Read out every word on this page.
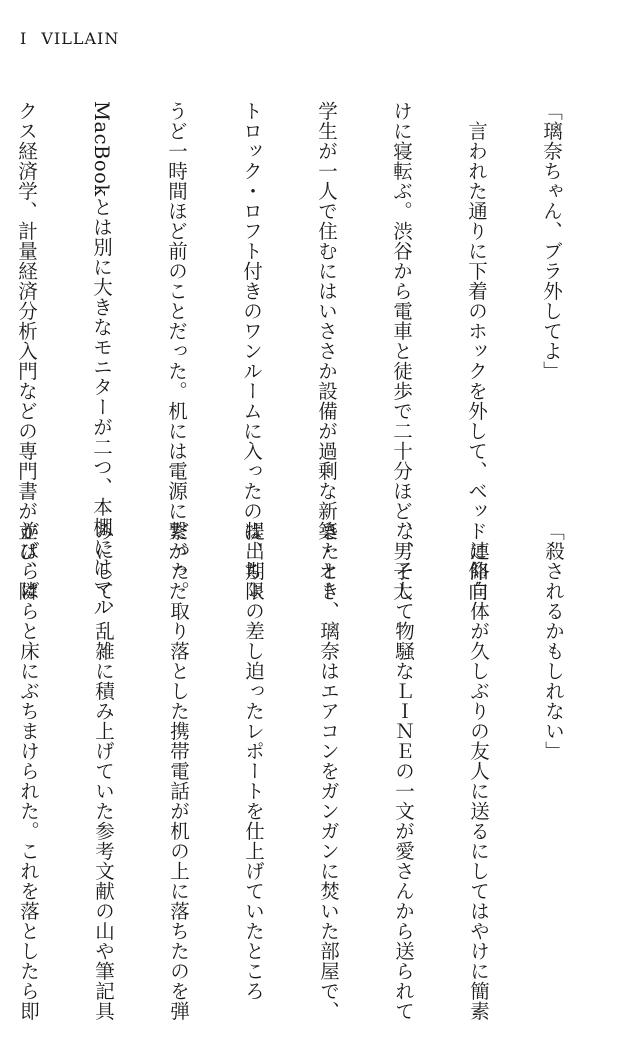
I VILLAIN

「璃奈ちゃん、ブラ外してよ」

　言われた通りに下着のホックを外して、ベッドに仰向

けに寝転ぶ。渋谷から電車と徒歩で二十分ほど、男子大

学生が一人で住むにはいささか設備が過剰な新築・オー

トロック・ロフト付きのワンルームに入ったのは、ちょ

うど一時間ほど前のことだった。机には電源に繋がった

MacBookとは別に大きなモニターが二つ、本棚にはマル

クス経済学、計量経済分析入門などの専門書が並び、隣

「殺されるかもしれない」

　連絡自体が久しぶりの友人に送るにしてはやけに簡素

な、そして物騒なＬＩＮＥの一文が愛さんから送られて

きたとき、璃奈はエアコンをガンガンに焚いた部屋で、

提出期限の差し迫ったレポートを仕上げていたところ

だった。取り落とした携帯電話が机の上に落ちたのを弾

みにして、乱雑に積み上げていた参考文献の山や筆記具

がばらばらと床にぶちまけられた。これを落としたら即
